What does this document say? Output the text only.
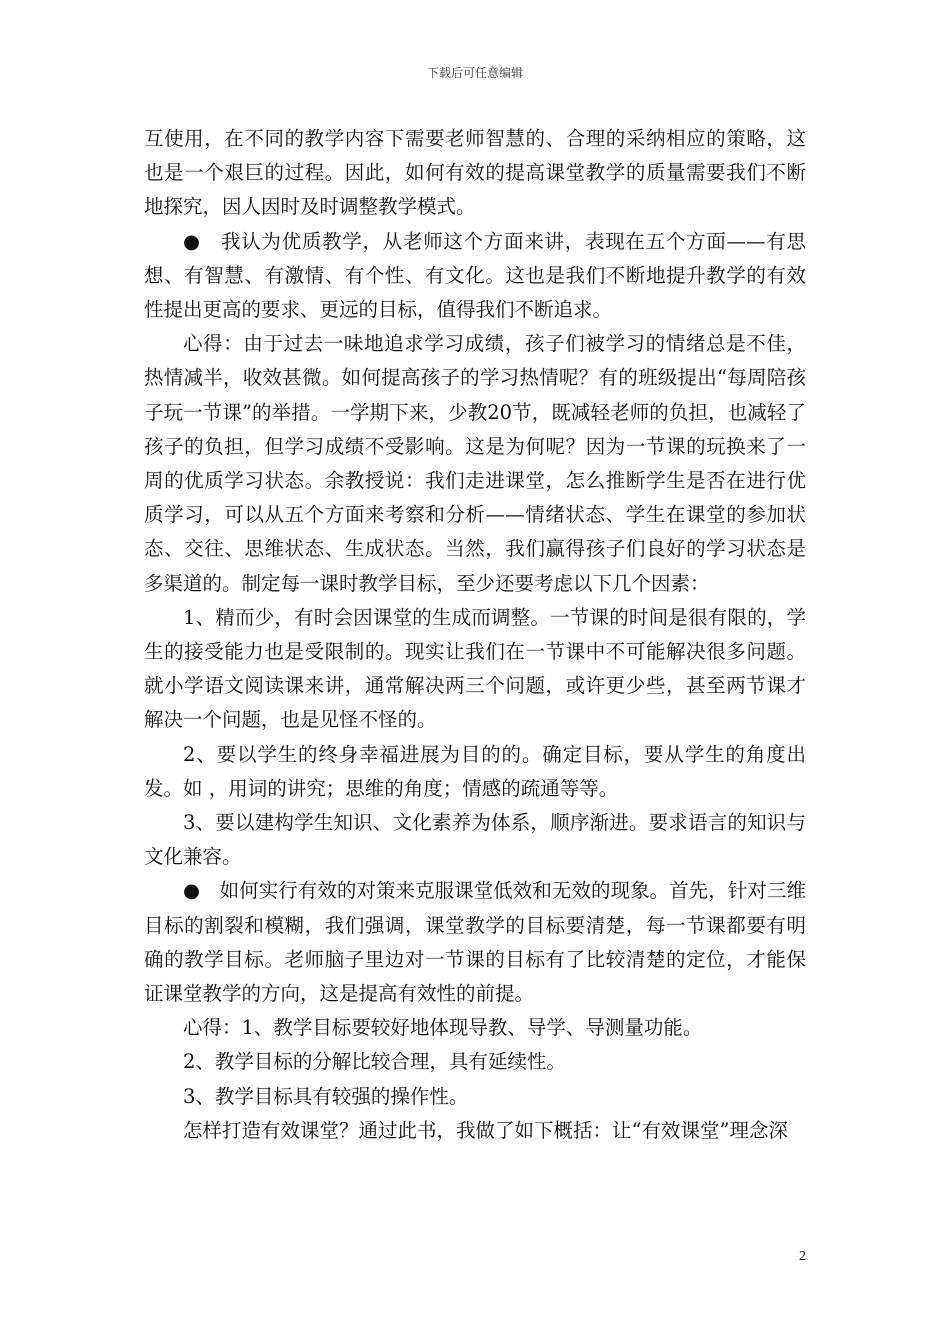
下载后可任意编辑

互使用，在不同的教学内容下需要老师智慧的、合理的采纳相应的策略，这也是一个艰巨的过程。因此，如何有效的提高课堂教学的质量需要我们不断地探究，因人因时及时调整教学模式。

●　我认为优质教学，从老师这个方面来讲，表现在五个方面——有思想、有智慧、有激情、有个性、有文化。这也是我们不断地提升教学的有效性提出更高的要求、更远的目标，值得我们不断追求。

心得：由于过去一味地追求学习成绩，孩子们被学习的情绪总是不佳，热情减半，收效甚微。如何提高孩子的学习热情呢？有的班级提出“每周陪孩子玩一节课”的举措。一学期下来，少教20节，既减轻老师的负担，也减轻了孩子的负担，但学习成绩不受影响。这是为何呢？因为一节课的玩换来了一周的优质学习状态。余教授说：我们走进课堂，怎么推断学生是否在进行优质学习，可以从五个方面来考察和分析——情绪状态、学生在课堂的参加状态、交往、思维状态、生成状态。当然，我们赢得孩子们良好的学习状态是多渠道的。制定每一课时教学目标，至少还要考虑以下几个因素：

1、精而少，有时会因课堂的生成而调整。一节课的时间是很有限的，学生的接受能力也是受限制的。现实让我们在一节课中不可能解决很多问题。就小学语文阅读课来讲，通常解决两三个问题，或许更少些，甚至两节课才解决一个问题，也是见怪不怪的。

2、要以学生的终身幸福进展为目的的。确定目标，要从学生的角度出发。如 ，用词的讲究；思维的角度；情感的疏通等等。

3、要以建构学生知识、文化素养为体系，顺序渐进。要求语言的知识与文化兼容。

●　如何实行有效的对策来克服课堂低效和无效的现象。首先，针对三维目标的割裂和模糊，我们强调，课堂教学的目标要清楚，每一节课都要有明确的教学目标。老师脑子里边对一节课的目标有了比较清楚的定位，才能保证课堂教学的方向，这是提高有效性的前提。

心得：1、教学目标要较好地体现导教、导学、导测量功能。

2、教学目标的分解比较合理，具有延续性。

3、教学目标具有较强的操作性。

怎样打造有效课堂？通过此书，我做了如下概括：让“有效课堂”理念深

2
